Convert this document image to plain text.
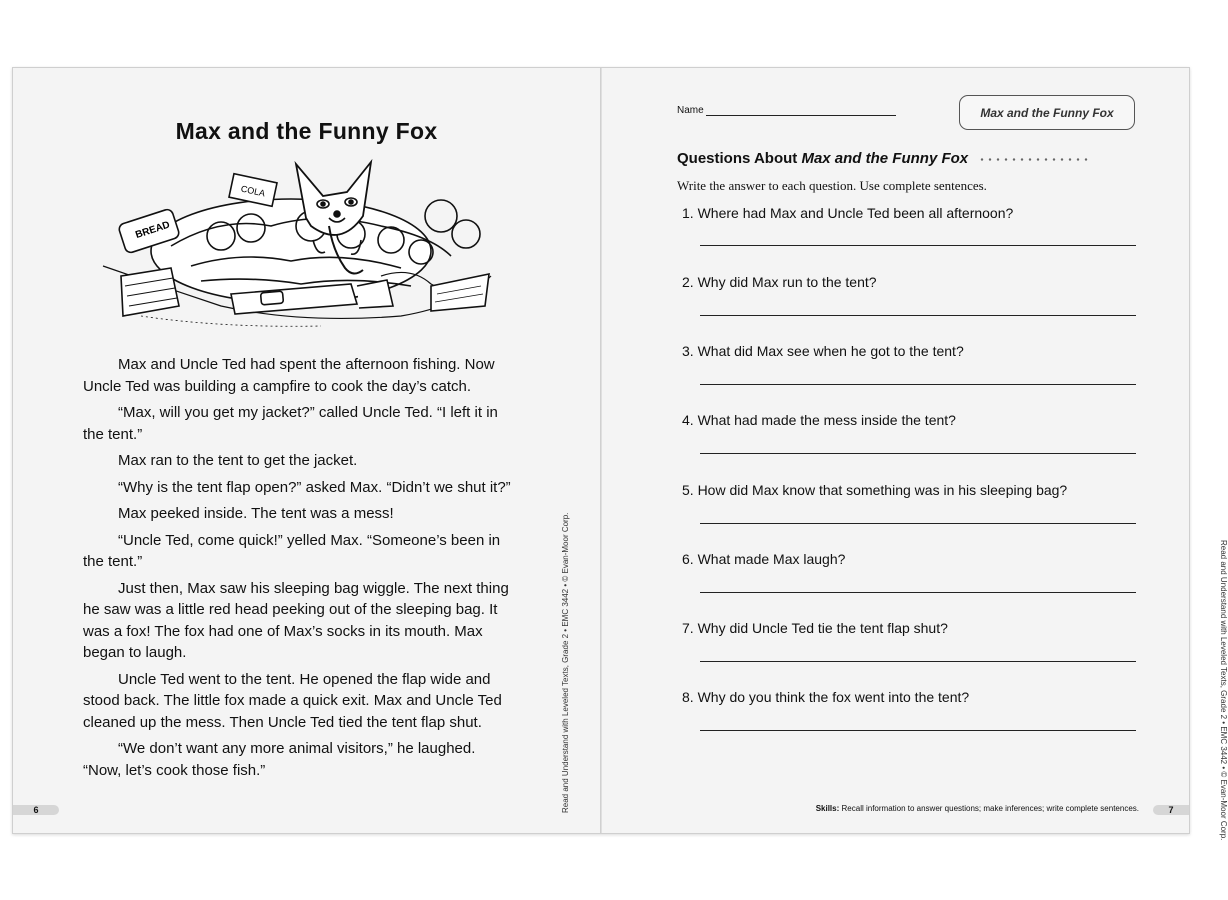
Max and the Funny Fox
BREAD
COLA

Max and Uncle Ted had spent the afternoon fishing. Now Uncle Ted was building a campfire to cook the day’s catch.

“Max, will you get my jacket?” called Uncle Ted. “I left it in the tent.”

Max ran to the tent to get the jacket.

“Why is the tent flap open?” asked Max. “Didn’t we shut it?”

Max peeked inside. The tent was a mess!

“Uncle Ted, come quick!” yelled Max. “Someone’s been in the tent.”

Just then, Max saw his sleeping bag wiggle. The next thing he saw was a little red head peeking out of the sleeping bag. It was a fox! The fox had one of Max’s socks in its mouth. Max began to laugh.

Uncle Ted went to the tent. He opened the flap wide and stood back. The little fox made a quick exit. Max and Uncle Ted cleaned up the mess. Then Uncle Ted tied the tent flap shut.

“We don’t want any more animal visitors,” he laughed. “Now, let’s cook those fish.”	Read and Understand with Leveled Texts, Grade 2 • EMC 3442 • © Evan-Moor Corp.
6
Name	Max and the Funny Fox
Questions About Max and the Funny Fox
Write the answer to each question. Use complete sentences.
1. Where had Max and Uncle Ted been all afternoon?
2. Why did Max run to the tent?
3. What did Max see when he got to the tent?
4. What had made the mess inside the tent?
5. How did Max know that something was in his sleeping bag?
6. What made Max laugh?
7. Why did Uncle Ted tie the tent flap shut?
8. Why do you think the fox went into the tent?
Skills: Recall information to answer questions; make inferences; write complete sentences.	Read and Understand with Leveled Texts, Grade 2 • EMC 3442 • © Evan-Moor Corp.
7
